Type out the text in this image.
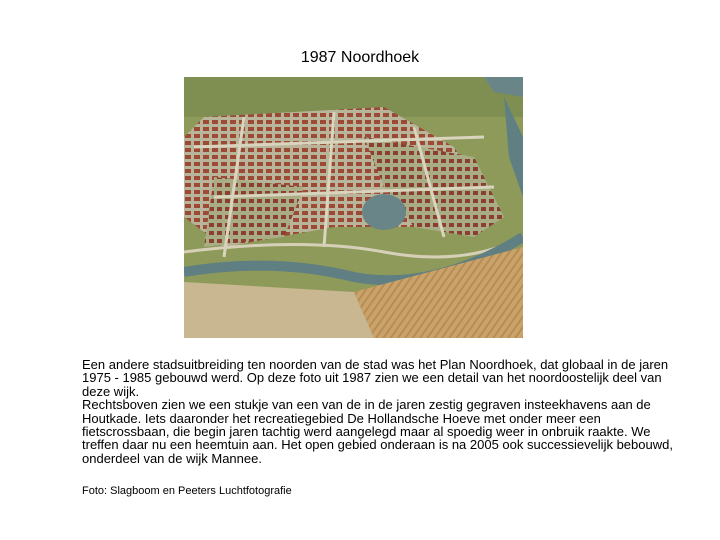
1987 Noordhoek

Een andere stadsuitbreiding ten noorden van de stad was het Plan Noordhoek, dat globaal in de jaren 1975 - 1985 gebouwd werd. Op deze foto uit 1987 zien we een detail van het noordoostelijk deel van deze wijk.

Rechtsboven zien we een stukje van een van de in de jaren zestig gegraven insteekhavens aan de Houtkade. Iets daaronder het recreatiegebied De Hollandsche Hoeve met onder meer een fietscrossbaan, die begin jaren tachtig werd aangelegd maar al spoedig weer in onbruik raakte. We treffen daar nu een heemtuin aan. Het open gebied onderaan is na 2005 ook successievelijk bebouwd, onderdeel van de wijk Mannee.

Foto: Slagboom en Peeters Luchtfotografie
